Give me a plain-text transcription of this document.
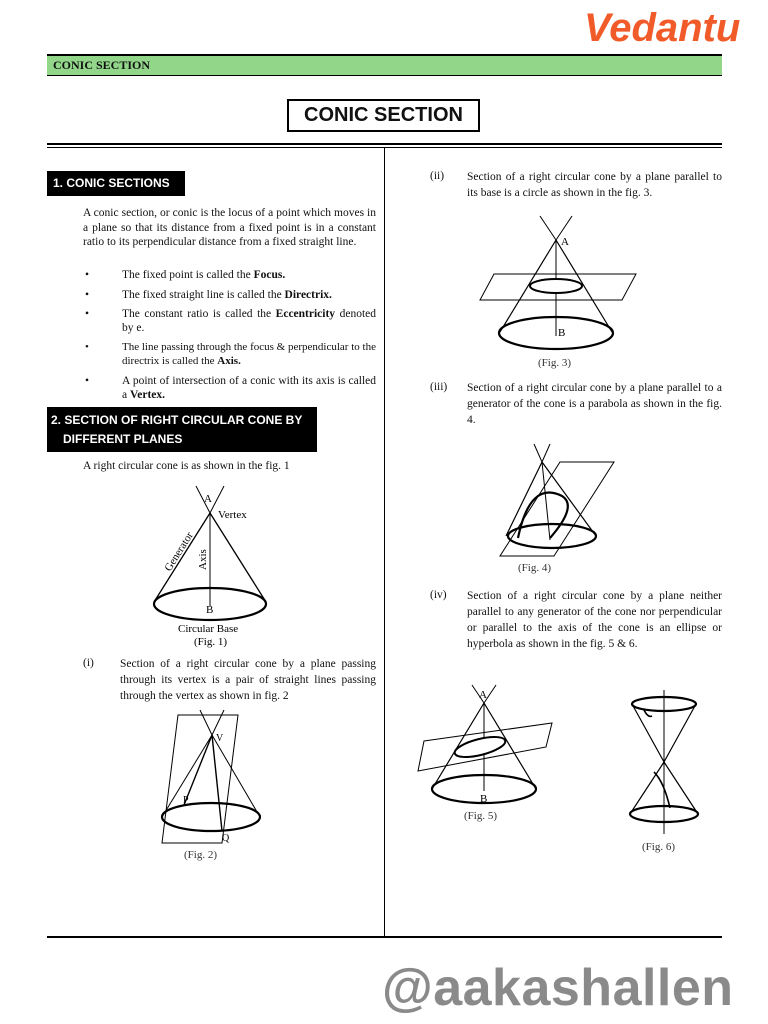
Vedantu
CONIC SECTION
CONIC SECTION
1. CONIC SECTIONS
A conic section, or conic is the locus of a point which moves in a plane so that its distance from a fixed point is in a constant ratio to its perpendicular distance from a fixed straight line.
•	The fixed point is called the Focus.
•	The fixed straight line is called the Directrix.
•	The constant ratio is called the Eccentricity denoted by e.
•	The line passing through the focus & perpendicular to the directrix is called the Axis.
•	A point of intersection of a conic with its axis is called a Vertex.
2. SECTION OF RIGHT CIRCULAR CONE BY
DIFFERENT PLANES
A right circular cone is as shown in the fig. 1
A
Vertex
Generator Axis
B
Circular Base
(Fig. 1)
(i) Section of a right circular cone by a plane passing through its vertex is a pair of straight lines passing through the vertex as shown in fig. 2
V
P
Q
(Fig. 2)
(ii) Section of a right circular cone by a plane parallel to its base is a circle as shown in the fig. 3.
A
B
(Fig. 3)
(iii) Section of a right circular cone by a plane parallel to a generator of the cone is a parabola as shown in the fig. 4.
(Fig. 4)
(iv) Section of a right circular cone by a plane neither parallel to any generator of the cone nor perpendicular or parallel to the axis of the cone is an ellipse or hyperbola as shown in the fig. 5 & 6.
A
B
(Fig. 5)
(Fig. 6)
@aakashallen
